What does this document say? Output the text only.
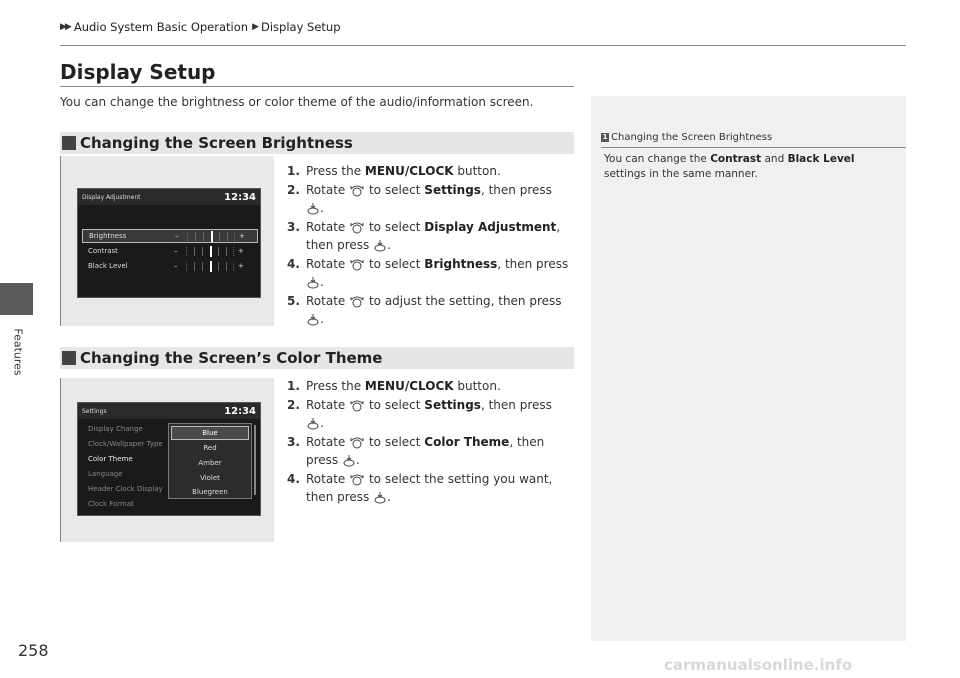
Features
▶▶ Audio System Basic Operation ▶ Display Setup
Display Setup
You can change the brightness or color theme of the audio/information screen.
Changing the Screen Brightness
Display Adjustment	12:34
Brightness	–	+
Contrast	–	+
Black Level	–	+
1. Press the MENU/CLOCK button.
2. Rotate  to select Settings, then press
.
3. Rotate  to select Display Adjustment, then press .
4. Rotate  to select Brightness, then press
.
5. Rotate  to adjust the setting, then press
.
Changing the Screen’s Color Theme
Settings	12:34
Display Change
Clock/Wallpaper Type
Color Theme
Language
Header Clock Display
Clock Format
Blue
Red
Amber
Violet
Bluegreen
1. Press the MENU/CLOCK button.
2. Rotate  to select Settings, then press
.
3. Rotate  to select Color Theme, then press .
4. Rotate  to select the setting you want, then press .
1 Changing the Screen Brightness
You can change the Contrast and Black Level settings in the same manner.
258
carmanualsonline.info
